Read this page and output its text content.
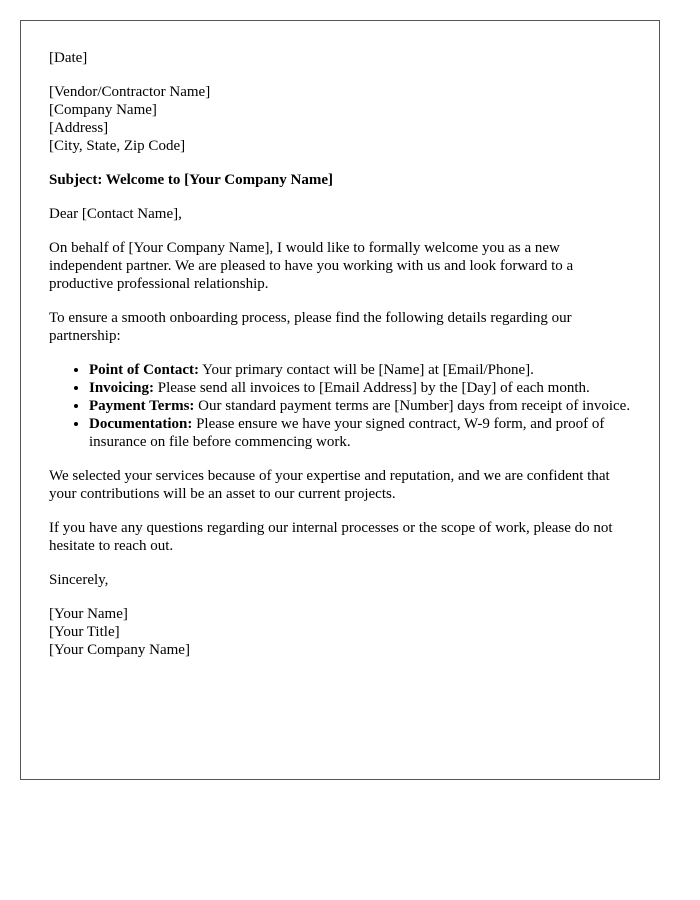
[Date]

[Vendor/Contractor Name]
[Company Name]
[Address]
[City, State, Zip Code]

Subject: Welcome to [Your Company Name]

Dear [Contact Name],

On behalf of [Your Company Name], I would like to formally welcome you as a new independent partner. We are pleased to have you working with us and look forward to a productive professional relationship.

To ensure a smooth onboarding process, please find the following details regarding our partnership:

• Point of Contact: Your primary contact will be [Name] at [Email/Phone].
• Invoicing: Please send all invoices to [Email Address] by the [Day] of each month.
• Payment Terms: Our standard payment terms are [Number] days from receipt of invoice.
• Documentation: Please ensure we have your signed contract, W-9 form, and proof of insurance on file before commencing work.

We selected your services because of your expertise and reputation, and we are confident that your contributions will be an asset to our current projects.

If you have any questions regarding our internal processes or the scope of work, please do not hesitate to reach out.

Sincerely,

[Your Name]
[Your Title]
[Your Company Name]
